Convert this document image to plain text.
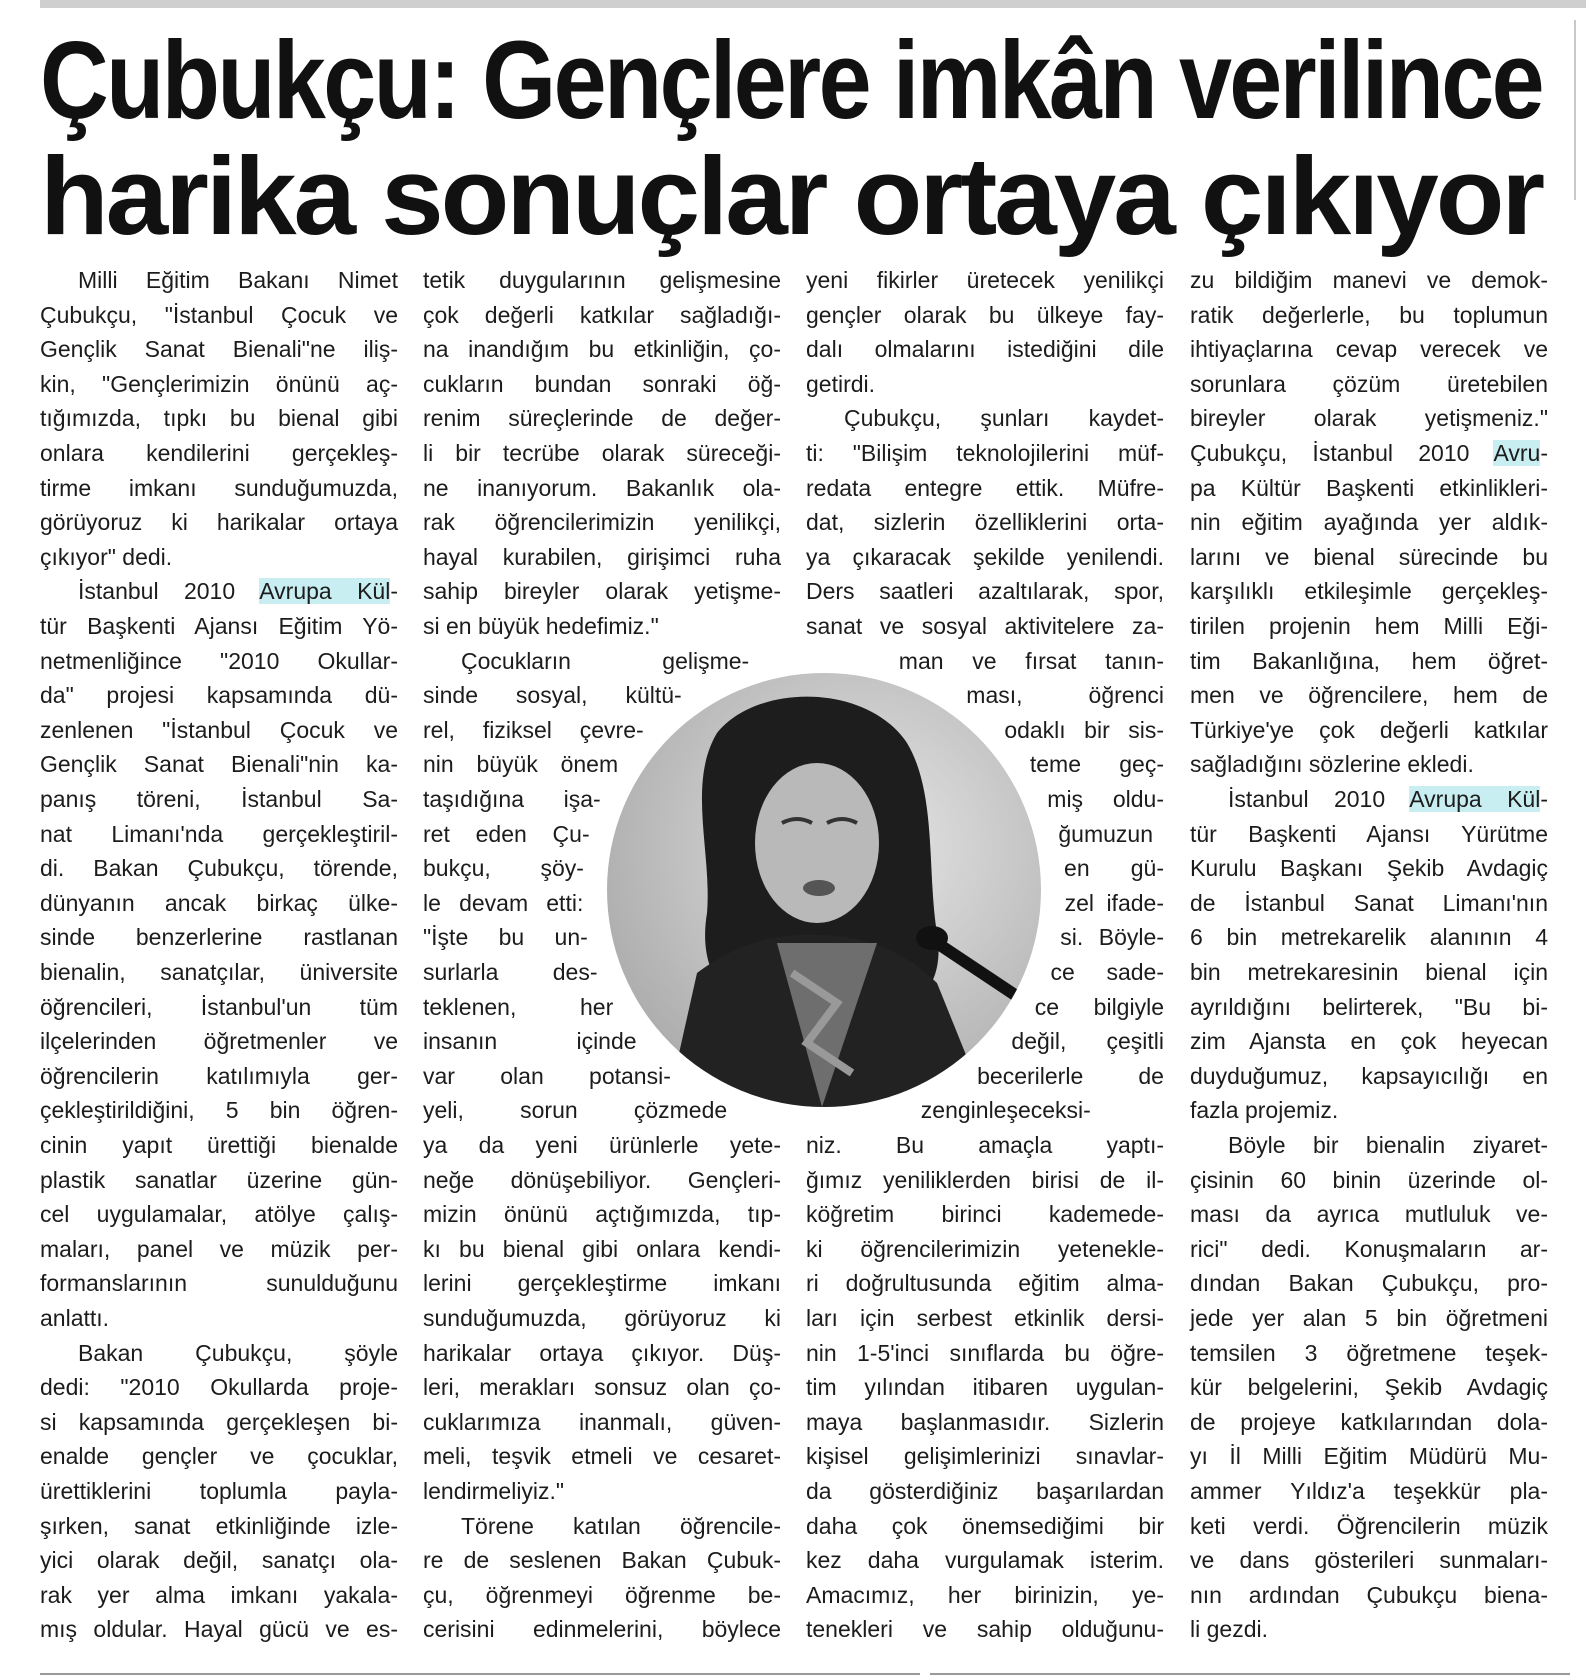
Çubukçu: Gençlere imkân verilince
harika sonuçlar ortaya çıkıyor
Milli Eğitim Bakanı Nimet
Çubukçu, "İstanbul Çocuk ve
Gençlik Sanat Bienali"ne iliş-
kin, "Gençlerimizin önünü aç-
tığımızda, tıpkı bu bienal gibi
onlara kendilerini gerçekleş-
tirme imkanı sunduğumuzda,
görüyoruz ki harikalar ortaya
çıkıyor" dedi.
İstanbul 2010 Avrupa Kül-
tür Başkenti Ajansı Eğitim Yö-
netmenliğince "2010 Okullar-
da" projesi kapsamında dü-
zenlenen "İstanbul Çocuk ve
Gençlik Sanat Bienali"nin ka-
panış töreni, İstanbul Sa-
nat Limanı'nda gerçekleştiril-
di. Bakan Çubukçu, törende,
dünyanın ancak birkaç ülke-
sinde benzerlerine rastlanan
bienalin, sanatçılar, üniversite
öğrencileri, İstanbul'un tüm
ilçelerinden öğretmenler ve
öğrencilerin katılımıyla ger-
çekleştirildiğini, 5 bin öğren-
cinin yapıt ürettiği bienalde
plastik sanatlar üzerine gün-
cel uygulamalar, atölye çalış-
maları, panel ve müzik per-
formanslarının sunulduğunu
anlattı.
Bakan Çubukçu, şöyle
dedi: "2010 Okullarda proje-
si kapsamında gerçekleşen bi-
enalde gençler ve çocuklar,
ürettiklerini toplumla payla-
şırken, sanat etkinliğinde izle-
yici olarak değil, sanatçı ola-
rak yer alma imkanı yakala-
mış oldular. Hayal gücü ve es-
tetik duygularının gelişmesine
çok değerli katkılar sağladığı-
na inandığım bu etkinliğin, ço-
cukların bundan sonraki öğ-
renim süreçlerinde de değer-
li bir tecrübe olarak süreceği-
ne inanıyorum. Bakanlık ola-
rak öğrencilerimizin yenilikçi,
hayal kurabilen, girişimci ruha
sahip bireyler olarak yetişme-
si en büyük hedefimiz."
Çocukların gelişme-
sinde sosyal, kültü-
rel, fiziksel çevre-
nin büyük önem
taşıdığına işa-
ret eden Çu-
bukçu, şöy-
le devam etti:
"İşte bu un-
surlarla des-
teklenen, her
insanın içinde
var olan potansi-
yeli, sorun çözmede
ya da yeni ürünlerle yete-
neğe dönüşebiliyor. Gençleri-
mizin önünü açtığımızda, tıp-
kı bu bienal gibi onlara kendi-
lerini gerçekleştirme imkanı
sunduğumuzda, görüyoruz ki
harikalar ortaya çıkıyor. Düş-
leri, merakları sonsuz olan ço-
cuklarımıza inanmalı, güven-
meli, teşvik etmeli ve cesaret-
lendirmeliyiz."
Törene katılan öğrencile-
re de seslenen Bakan Çubuk-
çu, öğrenmeyi öğrenme be-
cerisini edinmelerini, böylece
yeni fikirler üretecek yenilikçi
gençler olarak bu ülkeye fay-
dalı olmalarını istediğini dile
getirdi.
Çubukçu, şunları kaydet-
ti: "Bilişim teknolojilerini müf-
redata entegre ettik. Müfre-
dat, sizlerin özelliklerini orta-
ya çıkaracak şekilde yenilendi.
Ders saatleri azaltılarak, spor,
sanat ve sosyal aktivitelere za-
man ve fırsat tanın-
ması, öğrenci
odaklı bir sis-
teme geç-
miş oldu-
ğumuzun
en gü-
zel ifade-
si. Böyle-
ce sade-
ce bilgiyle
değil, çeşitli
becerilerle de
zenginleşeceksi-
niz. Bu amaçla yaptı-
ğımız yeniliklerden birisi de il-
köğretim birinci kademede-
ki öğrencilerimizin yetenekle-
ri doğrultusunda eğitim alma-
ları için serbest etkinlik dersi-
nin 1-5'inci sınıflarda bu öğre-
tim yılından itibaren uygulan-
maya başlanmasıdır. Sizlerin
kişisel gelişimlerinizi sınavlar-
da gösterdiğiniz başarılardan
daha çok önemsediğimi bir
kez daha vurgulamak isterim.
Amacımız, her birinizin, ye-
tenekleri ve sahip olduğunu-
zu bildiğim manevi ve demok-
ratik değerlerle, bu toplumun
ihtiyaçlarına cevap verecek ve
sorunlara çözüm üretebilen
bireyler olarak yetişmeniz."
Çubukçu, İstanbul 2010 Avru-
pa Kültür Başkenti etkinlikleri-
nin eğitim ayağında yer aldık-
larını ve bienal sürecinde bu
karşılıklı etkileşimle gerçekleş-
tirilen projenin hem Milli Eği-
tim Bakanlığına, hem öğret-
men ve öğrencilere, hem de
Türkiye'ye çok değerli katkılar
sağladığını sözlerine ekledi.
İstanbul 2010 Avrupa Kül-
tür Başkenti Ajansı Yürütme
Kurulu Başkanı Şekib Avdagiç
de İstanbul Sanat Limanı'nın
6 bin metrekarelik alanının 4
bin metrekaresinin bienal için
ayrıldığını belirterek, "Bu bi-
zim Ajansta en çok heyecan
duyduğumuz, kapsayıcılığı en
fazla projemiz.
Böyle bir bienalin ziyaret-
çisinin 60 binin üzerinde ol-
ması da ayrıca mutluluk ve-
rici" dedi. Konuşmaların ar-
dından Bakan Çubukçu, pro-
jede yer alan 5 bin öğretmeni
temsilen 3 öğretmene teşek-
kür belgelerini, Şekib Avdagiç
de projeye katkılarından dola-
yı İl Milli Eğitim Müdürü Mu-
ammer Yıldız'a teşekkür pla-
keti verdi. Öğrencilerin müzik
ve dans gösterileri sunmaları-
nın ardından Çubukçu biena-
li gezdi.
